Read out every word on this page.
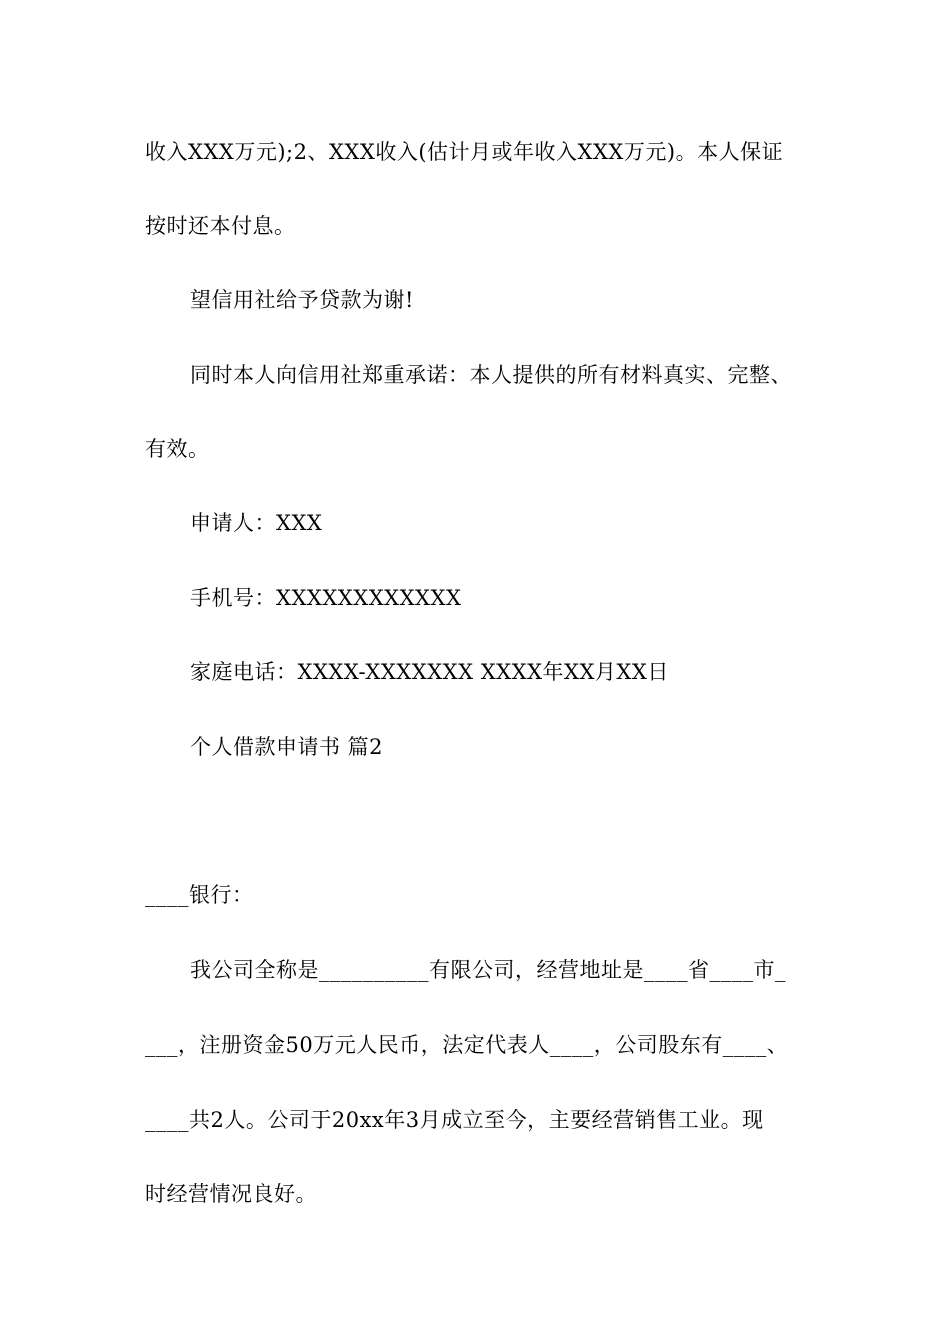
收入XXX万元);2、XXX收入(估计月或年收入XXX万元)。本人保证
按时还本付息。
望信用社给予贷款为谢!
同时本人向信用社郑重承诺：本人提供的所有材料真实、完整、
有效。
申请人：XXX
手机号：XXXXXXXXXXXX
家庭电话：XXXX-XXXXXXX XXXX年XX月XX日
个人借款申请书 篇2
____银行：
我公司全称是__________有限公司，经营地址是____省____市_
___，注册资金50万元人民币，法定代表人____，公司股东有____、
____共2人。公司于20xx年3月成立至今，主要经营销售工业。现
时经营情况良好。
